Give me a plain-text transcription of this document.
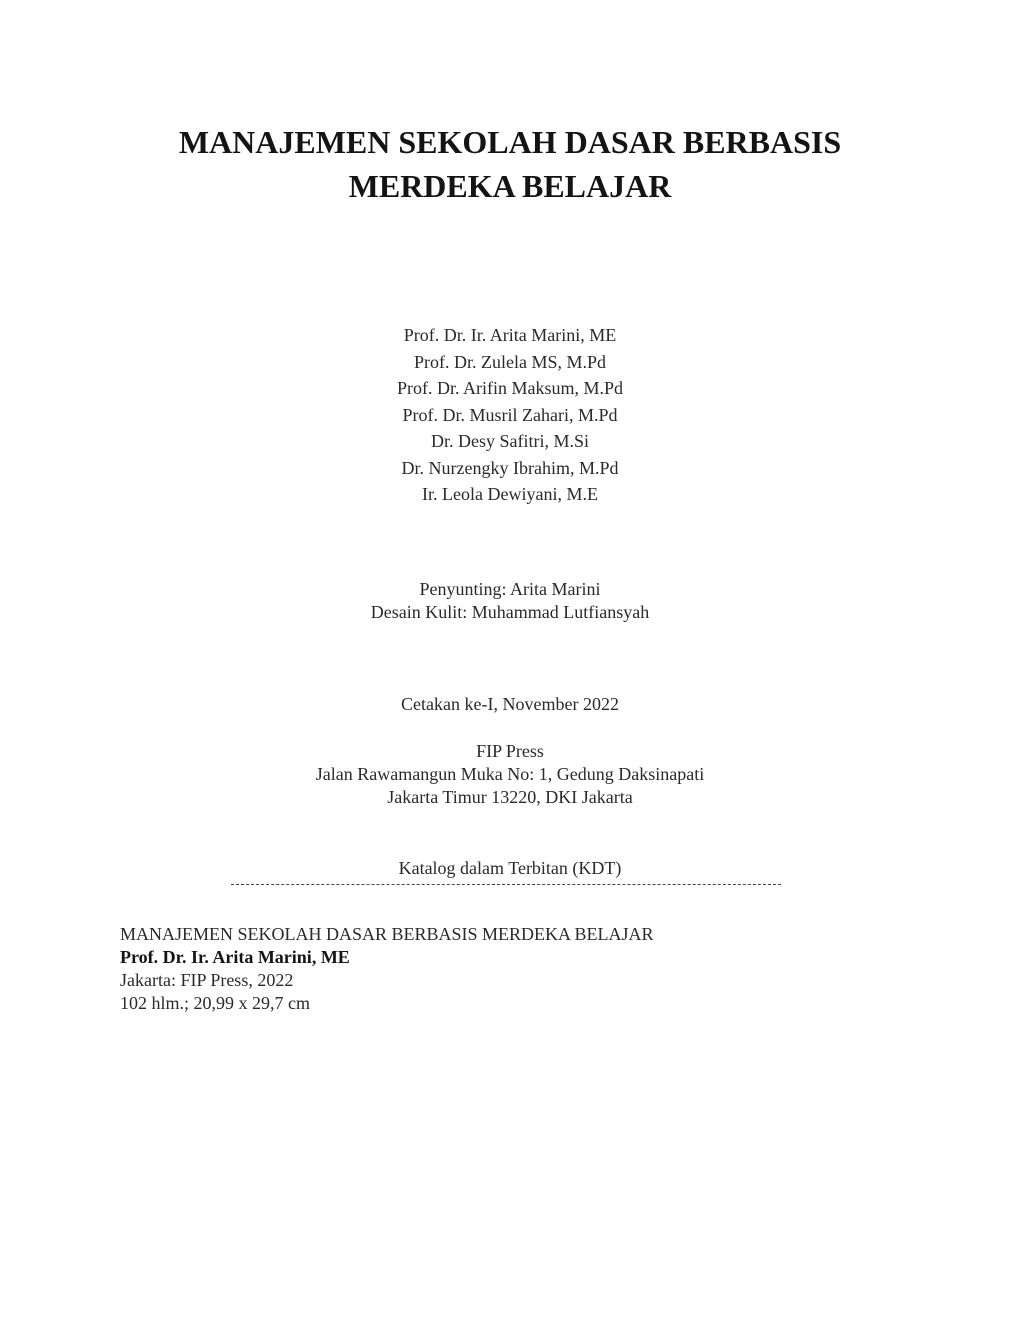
MANAJEMEN SEKOLAH DASAR BERBASIS
MERDEKA BELAJAR
Prof. Dr. Ir. Arita Marini, ME
Prof. Dr. Zulela MS, M.Pd
Prof. Dr. Arifin Maksum, M.Pd
Prof. Dr. Musril Zahari, M.Pd
Dr. Desy Safitri, M.Si
Dr. Nurzengky Ibrahim, M.Pd
Ir. Leola Dewiyani, M.E
Penyunting: Arita Marini
Desain Kulit: Muhammad Lutfiansyah
Cetakan ke-I, November 2022
FIP Press
Jalan Rawamangun Muka No: 1, Gedung Daksinapati
Jakarta Timur 13220, DKI Jakarta
Katalog dalam Terbitan (KDT)
MANAJEMEN SEKOLAH DASAR BERBASIS MERDEKA BELAJAR
Prof. Dr. Ir. Arita Marini, ME
Jakarta: FIP Press, 2022
102 hlm.; 20,99 x 29,7 cm
